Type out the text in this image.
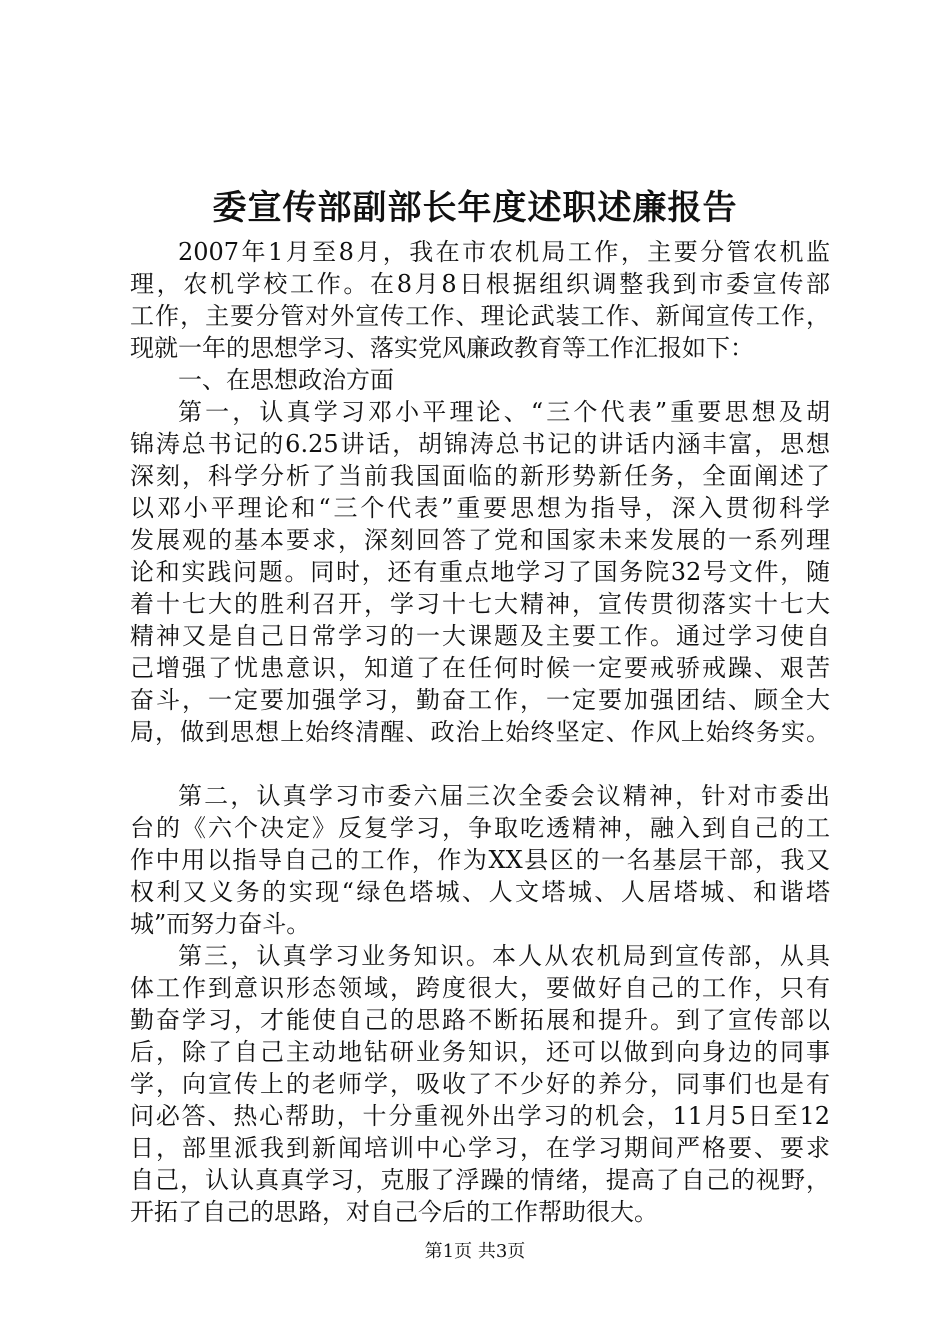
委宣传部副部长年度述职述廉报告
2007年1月至8月，我在市农机局工作，主要分管农机监
理，农机学校工作。在8月8日根据组织调整我到市委宣传部
工作，主要分管对外宣传工作、理论武装工作、新闻宣传工作，
现就一年的思想学习、落实党风廉政教育等工作汇报如下：
一、在思想政治方面
第一，认真学习邓小平理论、“三个代表”重要思想及胡
锦涛总书记的6.25讲话，胡锦涛总书记的讲话内涵丰富，思想
深刻，科学分析了当前我国面临的新形势新任务，全面阐述了
以邓小平理论和“三个代表”重要思想为指导，深入贯彻科学
发展观的基本要求，深刻回答了党和国家未来发展的一系列理
论和实践问题。同时，还有重点地学习了国务院32号文件，随
着十七大的胜利召开，学习十七大精神，宣传贯彻落实十七大
精神又是自己日常学习的一大课题及主要工作。通过学习使自
己增强了忧患意识，知道了在任何时候一定要戒骄戒躁、艰苦
奋斗，一定要加强学习，勤奋工作，一定要加强团结、顾全大
局，做到思想上始终清醒、政治上始终坚定、作风上始终务实。
第二，认真学习市委六届三次全委会议精神，针对市委出
台的《六个决定》反复学习，争取吃透精神，融入到自己的工
作中用以指导自己的工作，作为XX县区的一名基层干部，我又
权利又义务的实现“绿色塔城、人文塔城、人居塔城、和谐塔
城”而努力奋斗。
第三，认真学习业务知识。本人从农机局到宣传部，从具
体工作到意识形态领域，跨度很大，要做好自己的工作，只有
勤奋学习，才能使自己的思路不断拓展和提升。到了宣传部以
后，除了自己主动地钻研业务知识，还可以做到向身边的同事
学，向宣传上的老师学，吸收了不少好的养分，同事们也是有
问必答、热心帮助，十分重视外出学习的机会，11月5日至12
日，部里派我到新闻培训中心学习，在学习期间严格要、要求
自己，认认真真学习，克服了浮躁的情绪，提高了自己的视野，
开拓了自己的思路，对自己今后的工作帮助很大。
第1页 共3页
